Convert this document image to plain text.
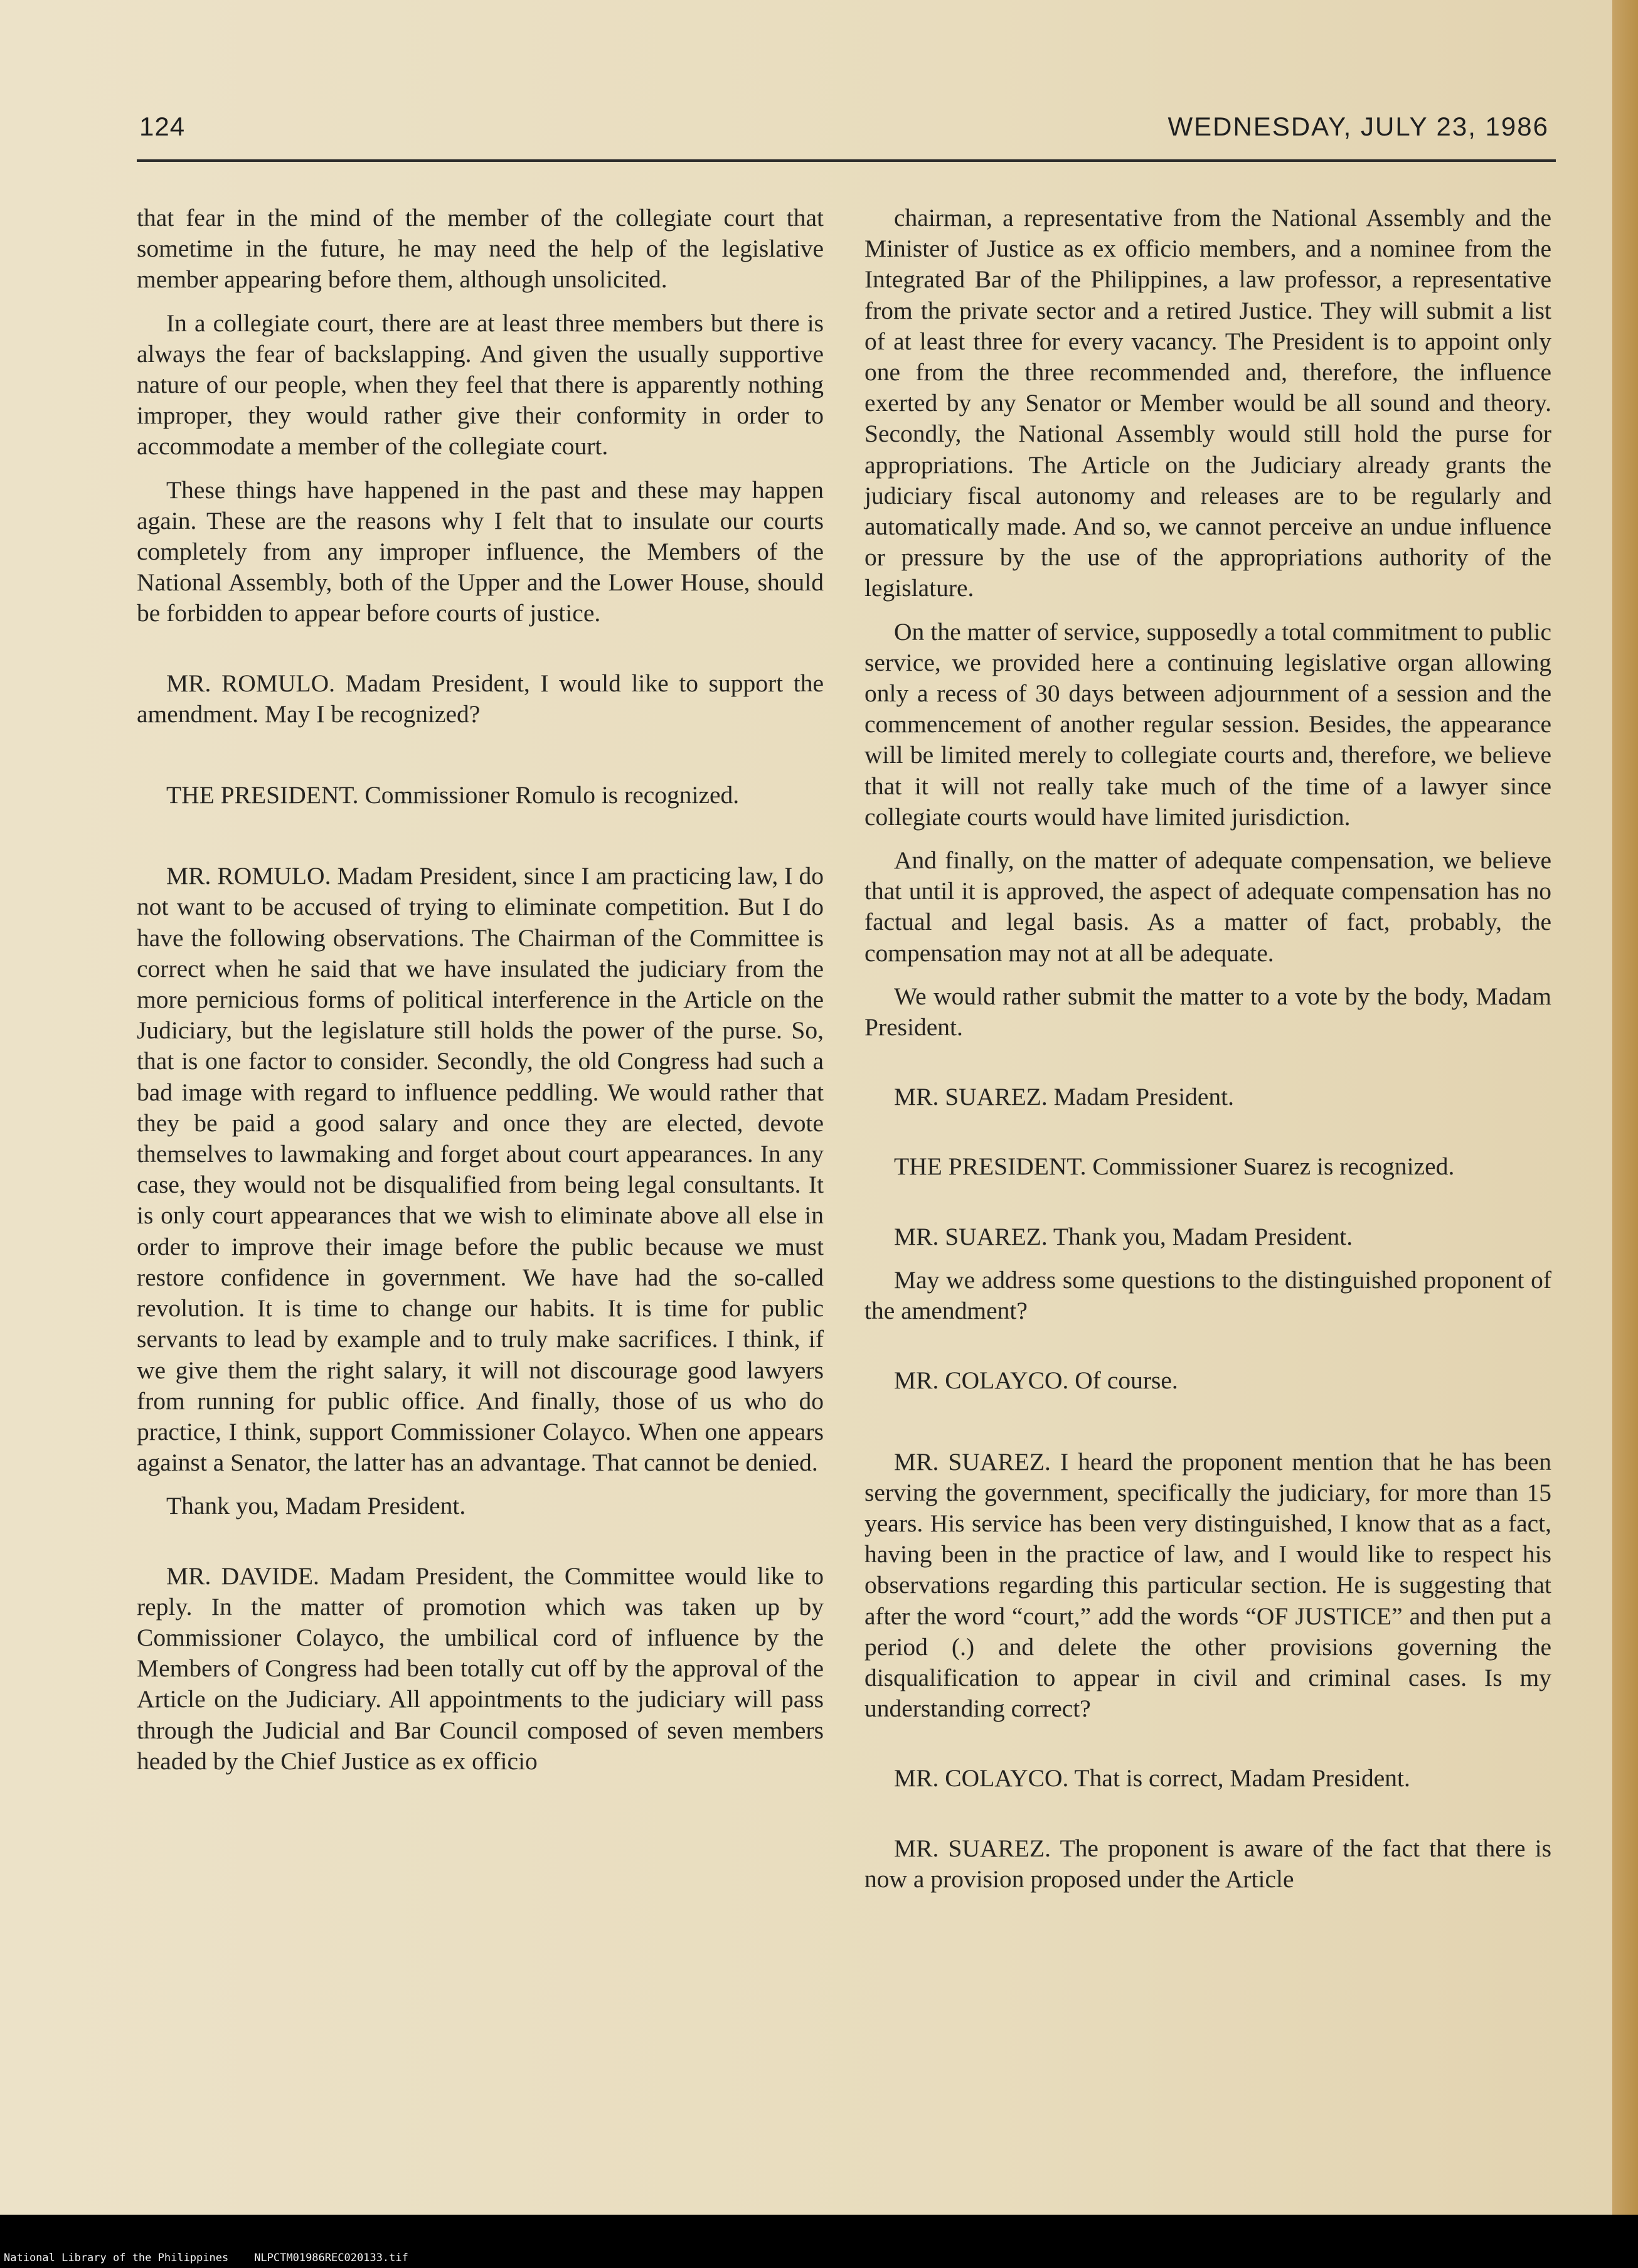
124	WEDNESDAY, JULY 23, 1986

that fear in the mind of the member of the collegiate court that sometime in the future, he may need the help of the legislative member appearing before them, although unsolicited.

In a collegiate court, there are at least three members but there is always the fear of backslapping. And given the usually supportive nature of our people, when they feel that there is apparently nothing improper, they would rather give their conformity in order to accommodate a member of the collegiate court.

These things have happened in the past and these may happen again. These are the reasons why I felt that to insulate our courts completely from any improper influence, the Members of the National Assembly, both of the Upper and the Lower House, should be forbidden to appear before courts of justice.

MR. ROMULO. Madam President, I would like to support the amendment. May I be recognized?

THE PRESIDENT. Commissioner Romulo is recognized.

MR. ROMULO. Madam President, since I am practicing law, I do not want to be accused of trying to eliminate competition. But I do have the following observations. The Chairman of the Committee is correct when he said that we have insulated the judiciary from the more pernicious forms of political interference in the Article on the Judiciary, but the legislature still holds the power of the purse. So, that is one factor to consider. Secondly, the old Congress had such a bad image with regard to influence peddling. We would rather that they be paid a good salary and once they are elected, devote themselves to lawmaking and forget about court appearances. In any case, they would not be disqualified from being legal consultants. It is only court appearances that we wish to eliminate above all else in order to improve their image before the public because we must restore confidence in government. We have had the so-called revolution. It is time to change our habits. It is time for public servants to lead by example and to truly make sacrifices. I think, if we give them the right salary, it will not discourage good lawyers from running for public office. And finally, those of us who do practice, I think, support Commissioner Colayco. When one appears against a Senator, the latter has an advantage. That cannot be denied.

Thank you, Madam President.

MR. DAVIDE. Madam President, the Committee would like to reply. In the matter of promotion which was taken up by Commissioner Colayco, the umbilical cord of influence by the Members of Congress had been totally cut off by the approval of the Article on the Judiciary. All appointments to the judiciary will pass through the Judicial and Bar Council composed of seven members headed by the Chief Justice as ex officio

chairman, a representative from the National Assembly and the Minister of Justice as ex officio members, and a nominee from the Integrated Bar of the Philippines, a law professor, a representative from the private sector and a retired Justice. They will submit a list of at least three for every vacancy. The President is to appoint only one from the three recommended and, therefore, the influence exerted by any Senator or Member would be all sound and theory. Secondly, the National Assembly would still hold the purse for appropriations. The Article on the Judiciary already grants the judiciary fiscal autonomy and releases are to be regularly and automatically made. And so, we cannot perceive an undue influence or pressure by the use of the appropriations authority of the legislature.

On the matter of service, supposedly a total commitment to public service, we provided here a continuing legislative organ allowing only a recess of 30 days between adjournment of a session and the commencement of another regular session. Besides, the appearance will be limited merely to collegiate courts and, therefore, we believe that it will not really take much of the time of a lawyer since collegiate courts would have limited jurisdiction.

And finally, on the matter of adequate compensation, we believe that until it is approved, the aspect of adequate compensation has no factual and legal basis. As a matter of fact, probably, the compensation may not at all be adequate.

We would rather submit the matter to a vote by the body, Madam President.

MR. SUAREZ. Madam President.

THE PRESIDENT. Commissioner Suarez is recognized.

MR. SUAREZ. Thank you, Madam President.

May we address some questions to the distinguished proponent of the amendment?

MR. COLAYCO. Of course.

MR. SUAREZ. I heard the proponent mention that he has been serving the government, specifically the judiciary, for more than 15 years. His service has been very distinguished, I know that as a fact, having been in the practice of law, and I would like to respect his observations regarding this particular section. He is suggesting that after the word “court,” add the words “OF JUSTICE” and then put a period (.) and delete the other provisions governing the disqualification to appear in civil and criminal cases. Is my understanding correct?

MR. COLAYCO. That is correct, Madam President.

MR. SUAREZ. The proponent is aware of the fact that there is now a provision proposed under the Article

National Library of the Philippines NLPCTM01986REC020133.tif
